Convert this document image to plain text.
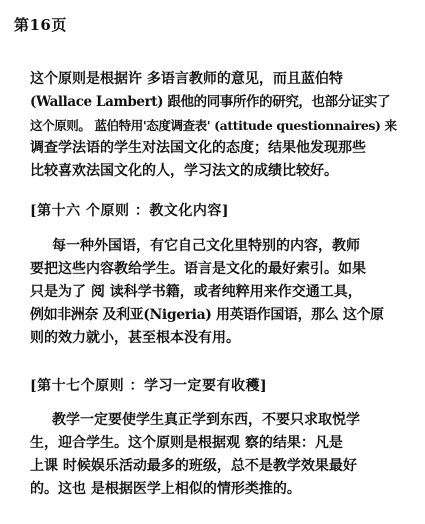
第16页
这个原则是根据许 多语言教师的意见，而且蓝伯特
(Wallace Lambert) 跟他的同事所作的研究，也部分证实了
这个原则。 蓝伯特用'态度调查表' (attitude questionnaires) 来
调查学法语的学生对法国文化的态度；结果他发现那些
比较喜欢法国文化的人，学习法文的成绩比较好。
[第十六 个原则 ：教文化内容]
每一种外国语，有它自己文化里特别的内容，教师
要把这些内容教给学生。语言是文化的最好索引。如果
只是为了 阅 读科学书籍，或者纯粹用来作交通工具，
例如非洲奈 及利亚(Nigeria) 用英语作国语，那么 这个原
则的效力就小，甚至根本没有用。
[第十七个原则 ：学习一定要有收穫]
教学一定要使学生真正学到东西，不要只求取悦学
生，迎合学生。这个原则是根据观 察的结果：凡是
上课 时候娱乐活动最多的班级，总不是教学效果最好
的。这也 是根据医学上相似的情形类推的。
